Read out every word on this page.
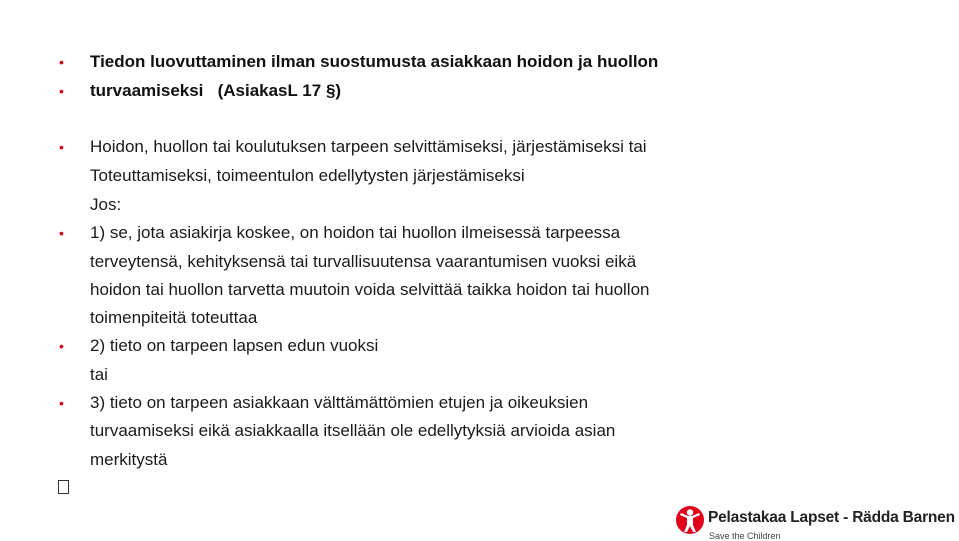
•
•
•
•
•
•
Tiedon luovuttaminen ilman suostumusta asiakkaan hoidon ja huollon
turvaamiseksi   (AsiakasL 17 §)
Hoidon, huollon tai koulutuksen tarpeen selvittämiseksi, järjestämiseksi tai
Toteuttamiseksi, toimeentulon edellytysten järjestämiseksi
Jos:
1) se, jota asiakirja koskee, on hoidon tai huollon ilmeisessä tarpeessa
terveytensä, kehityksensä tai turvallisuutensa vaarantumisen vuoksi eikä
hoidon tai huollon tarvetta muutoin voida selvittää taikka hoidon tai huollon
toimenpiteitä toteuttaa
2) tieto on tarpeen lapsen edun vuoksi
tai
3) tieto on tarpeen asiakkaan välttämättömien etujen ja oikeuksien
turvaamiseksi eikä asiakkaalla itsellään ole edellytyksiä arvioida asian
merkitystä
Pelastakaa Lapset - Rädda Barnen
Save the Children
